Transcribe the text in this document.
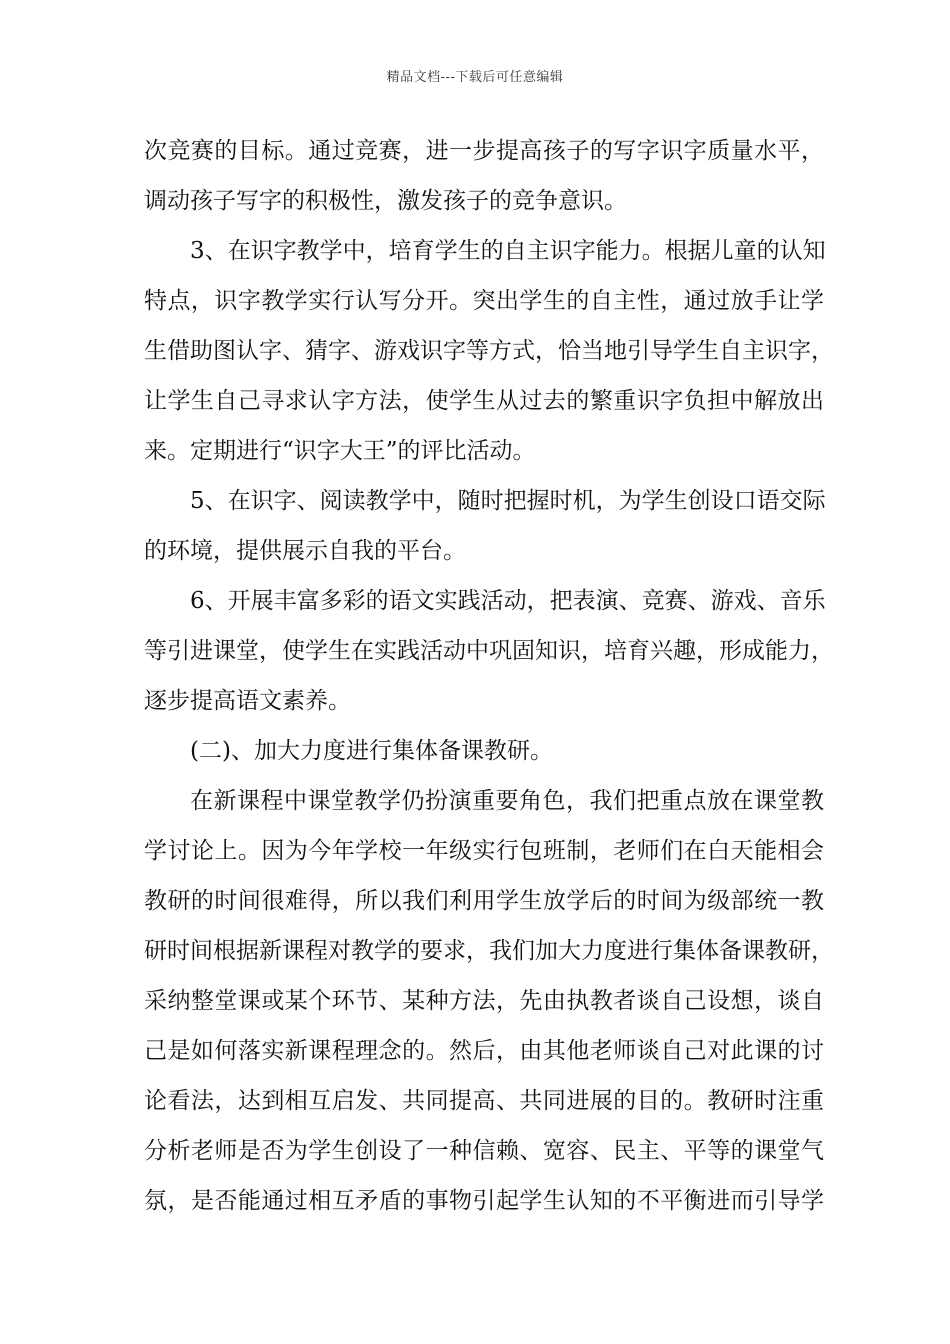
精品文档---下载后可任意编辑
次竞赛的目标。通过竞赛，进一步提高孩子的写字识字质量水平，
调动孩子写字的积极性，激发孩子的竞争意识。
3、在识字教学中，培育学生的自主识字能力。根据儿童的认知
特点，识字教学实行认写分开。突出学生的自主性，通过放手让学
生借助图认字、猜字、游戏识字等方式，恰当地引导学生自主识字，
让学生自己寻求认字方法，使学生从过去的繁重识字负担中解放出
来。定期进行“识字大王”的评比活动。
5、在识字、阅读教学中，随时把握时机，为学生创设口语交际
的环境，提供展示自我的平台。
6、开展丰富多彩的语文实践活动，把表演、竞赛、游戏、音乐
等引进课堂，使学生在实践活动中巩固知识，培育兴趣，形成能力，
逐步提高语文素养。
(二)、加大力度进行集体备课教研。
在新课程中课堂教学仍扮演重要角色，我们把重点放在课堂教
学讨论上。因为今年学校一年级实行包班制，老师们在白天能相会
教研的时间很难得，所以我们利用学生放学后的时间为级部统一教
研时间根据新课程对教学的要求，我们加大力度进行集体备课教研，
采纳整堂课或某个环节、某种方法，先由执教者谈自己设想，谈自
己是如何落实新课程理念的。然后，由其他老师谈自己对此课的讨
论看法，达到相互启发、共同提高、共同进展的目的。教研时注重
分析老师是否为学生创设了一种信赖、宽容、民主、平等的课堂气
氛，是否能通过相互矛盾的事物引起学生认知的不平衡进而引导学
